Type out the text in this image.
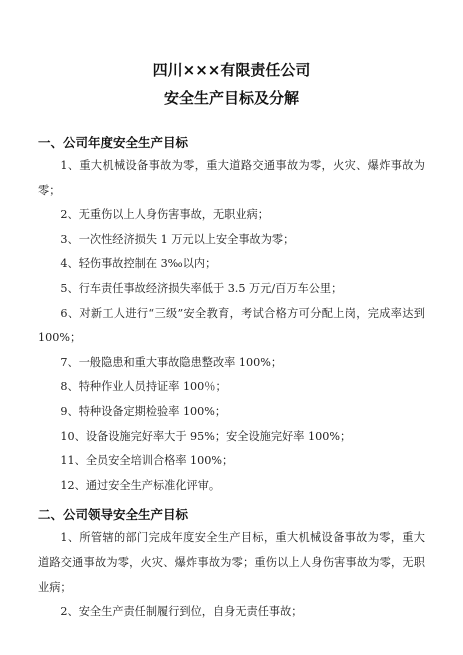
四川×××有限责任公司
安全生产目标及分解
一、公司年度安全生产目标
1、重大机械设备事故为零，重大道路交通事故为零，火灾、爆炸事故为零；
2、无重伤以上人身伤害事故，无职业病；
3、一次性经济损失 1 万元以上安全事故为零；
4、轻伤事故控制在 3‰以内；
5、行车责任事故经济损失率低于 3.5 万元/百万车公里；
6、对新工人进行“三级”安全教育，考试合格方可分配上岗，完成率达到 100%；
7、一般隐患和重大事故隐患整改率 100%；
8、特种作业人员持证率 100％；
9、特种设备定期检验率 100%；
10、设备设施完好率大于 95%；安全设施完好率 100%；
11、全员安全培训合格率 100%；
12、通过安全生产标准化评审。
二、公司领导安全生产目标
1、所管辖的部门完成年度安全生产目标，重大机械设备事故为零，重大道路交通事故为零，火灾、爆炸事故为零；重伤以上人身伤害事故为零，无职业病；
2、安全生产责任制履行到位，自身无责任事故；
